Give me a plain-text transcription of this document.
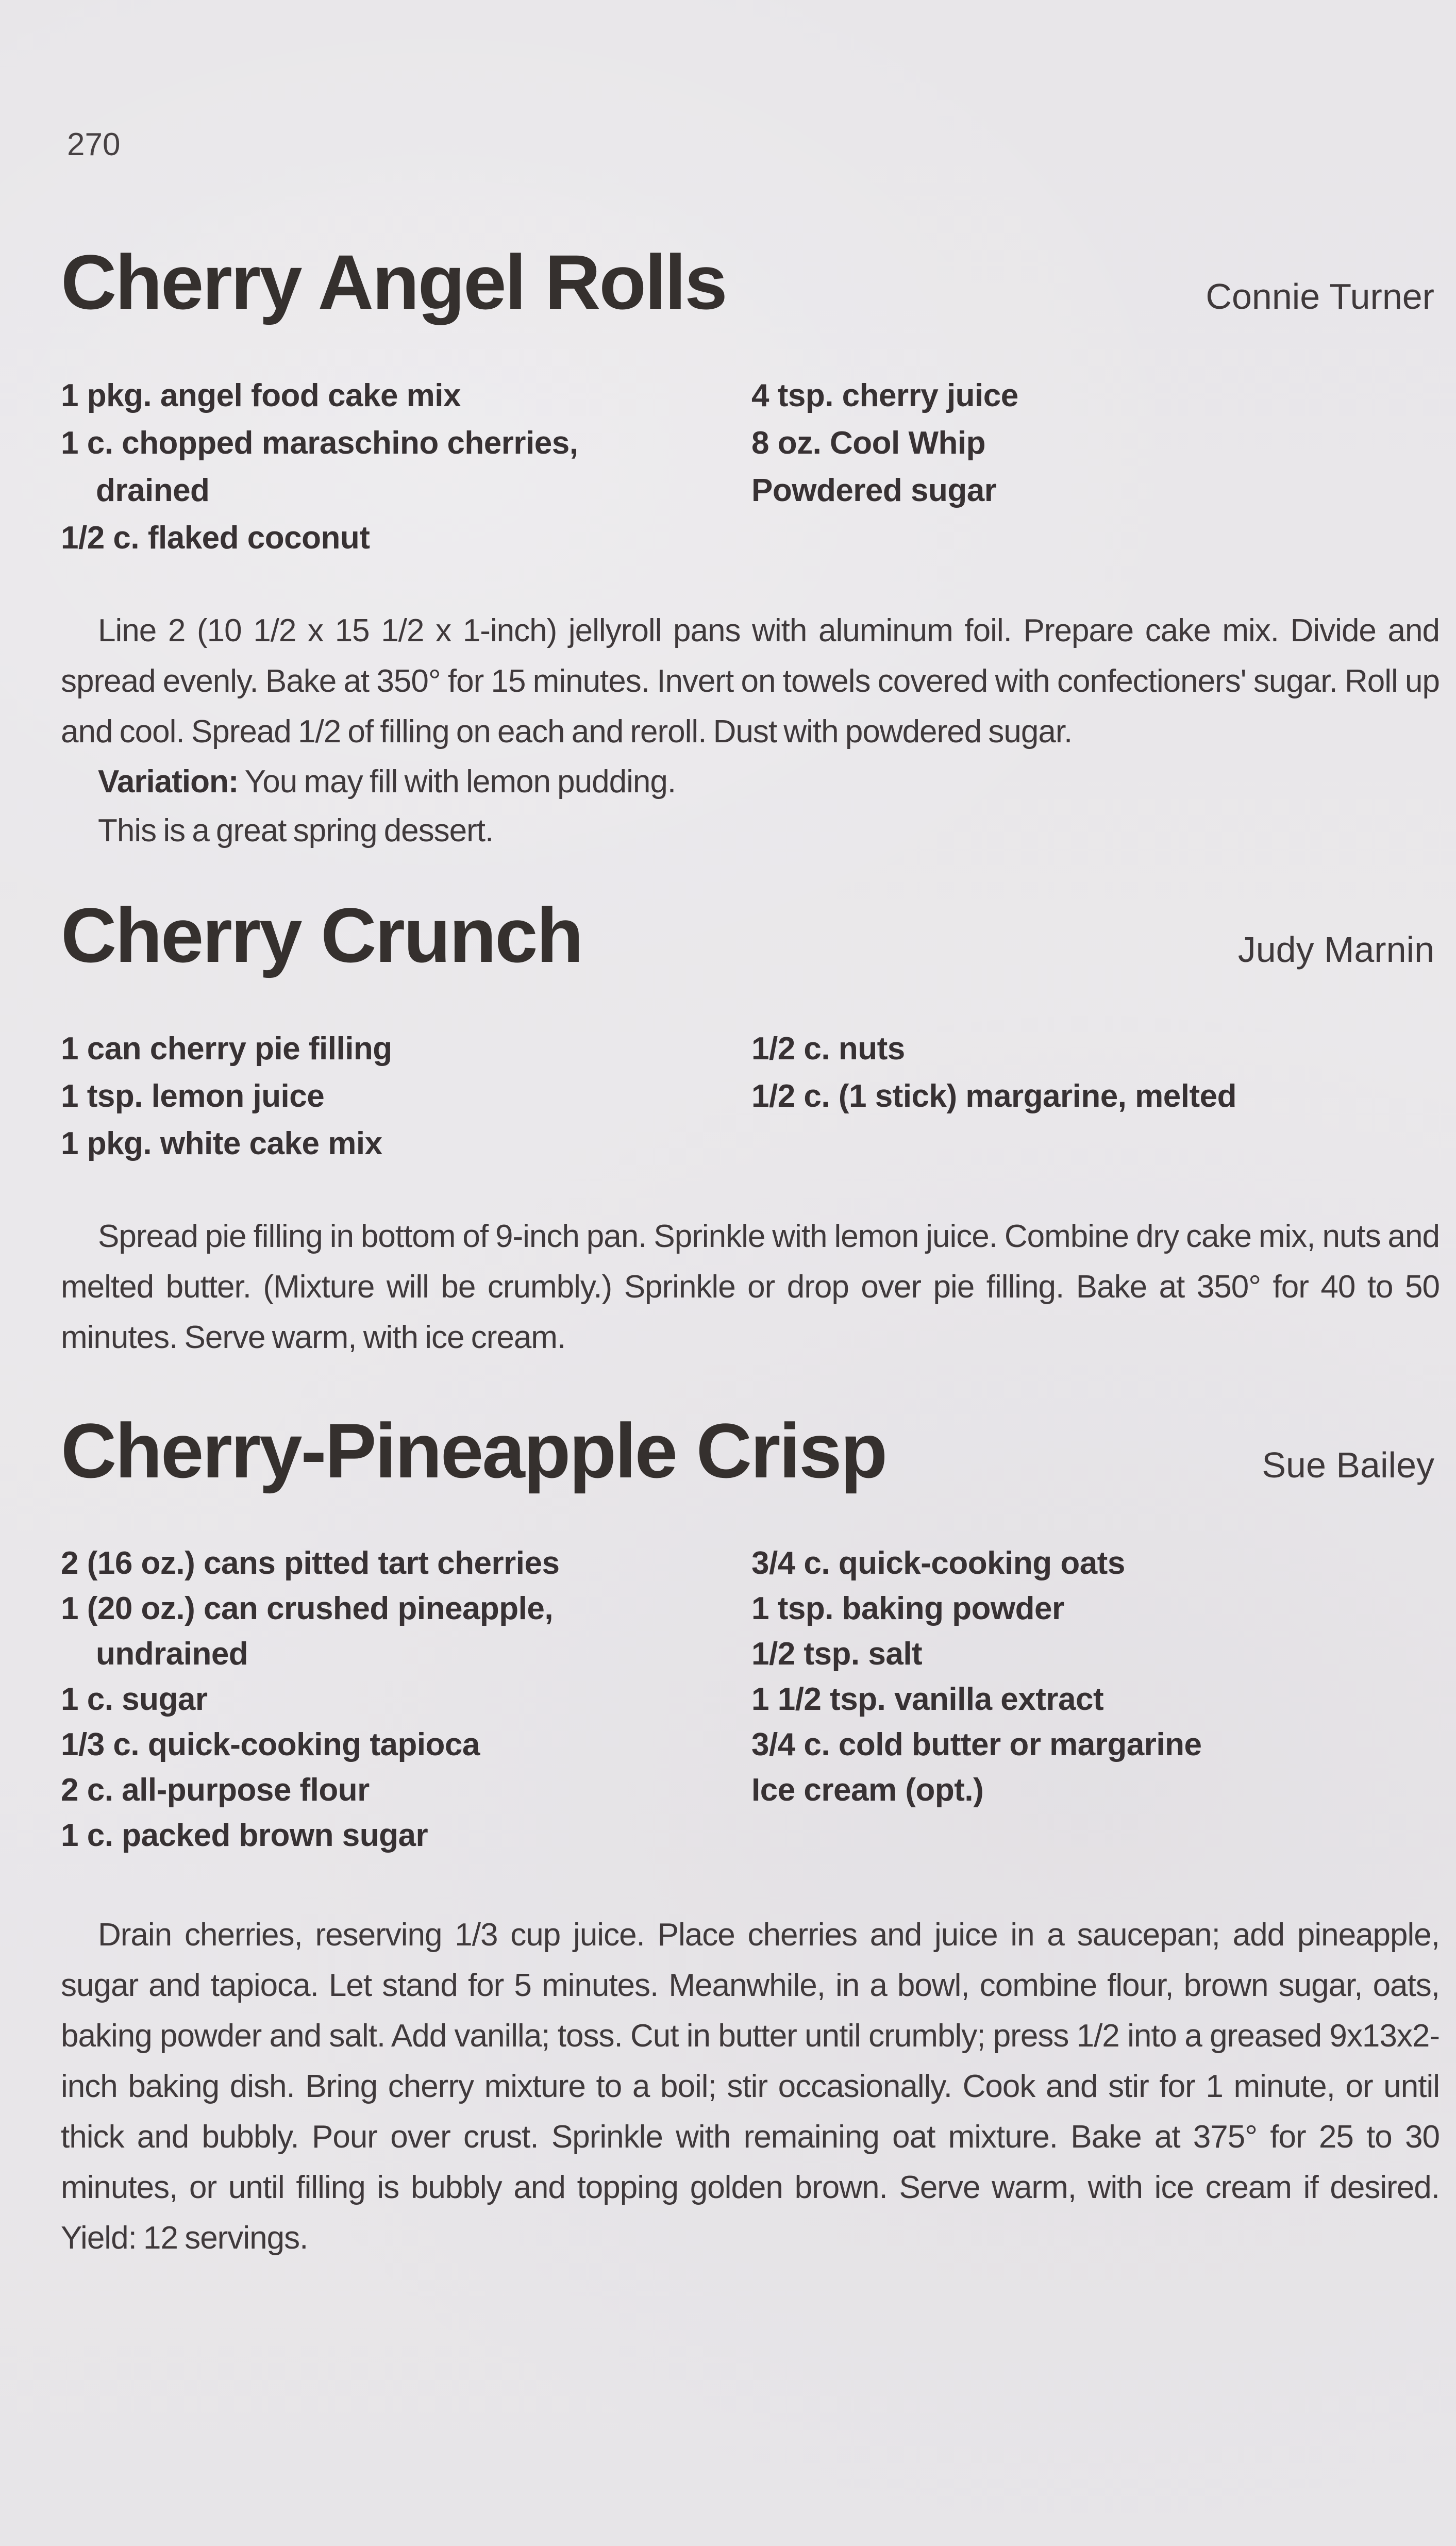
270
Cherry Angel Rolls	Connie Turner
1 pkg. angel food cake mix
1 c. chopped maraschino cherries,
drained
1/2 c. flaked coconut
4 tsp. cherry juice
8 oz. Cool Whip
Powdered sugar

Line 2 (10 1/2 x 15 1/2 x 1-inch) jellyroll pans with aluminum foil. Prepare cake mix. Divide and spread evenly. Bake at 350° for 15 minutes. Invert on towels covered with confectioners' sugar. Roll up and cool. Spread 1/2 of filling on each and reroll. Dust with powdered sugar.

Variation: You may fill with lemon pudding.

This is a great spring dessert.

Cherry Crunch	Judy Marnin
1 can cherry pie filling
1 tsp. lemon juice
1 pkg. white cake mix
1/2 c. nuts
1/2 c. (1 stick) margarine, melted

Spread pie filling in bottom of 9-inch pan. Sprinkle with lemon juice. Combine dry cake mix, nuts and melted butter. (Mixture will be crumbly.) Sprinkle or drop over pie filling. Bake at 350° for 40 to 50 minutes. Serve warm, with ice cream.

Cherry-Pineapple Crisp	Sue Bailey
2 (16 oz.) cans pitted tart cherries
1 (20 oz.) can crushed pineapple,
undrained
1 c. sugar
1/3 c. quick-cooking tapioca
2 c. all-purpose flour
1 c. packed brown sugar
3/4 c. quick-cooking oats
1 tsp. baking powder
1/2 tsp. salt
1 1/2 tsp. vanilla extract
3/4 c. cold butter or margarine
Ice cream (opt.)

Drain cherries, reserving 1/3 cup juice. Place cherries and juice in a saucepan; add pineapple, sugar and tapioca. Let stand for 5 minutes. Meanwhile, in a bowl, combine flour, brown sugar, oats, baking powder and salt. Add vanilla; toss. Cut in butter until crumbly; press 1/2 into a greased 9x13x2-inch baking dish. Bring cherry mixture to a boil; stir occasionally. Cook and stir for 1 minute, or until thick and bubbly. Pour over crust. Sprinkle with remaining oat mixture. Bake at 375° for 25 to 30 minutes, or until filling is bubbly and topping golden brown. Serve warm, with ice cream if desired. Yield: 12 servings.
